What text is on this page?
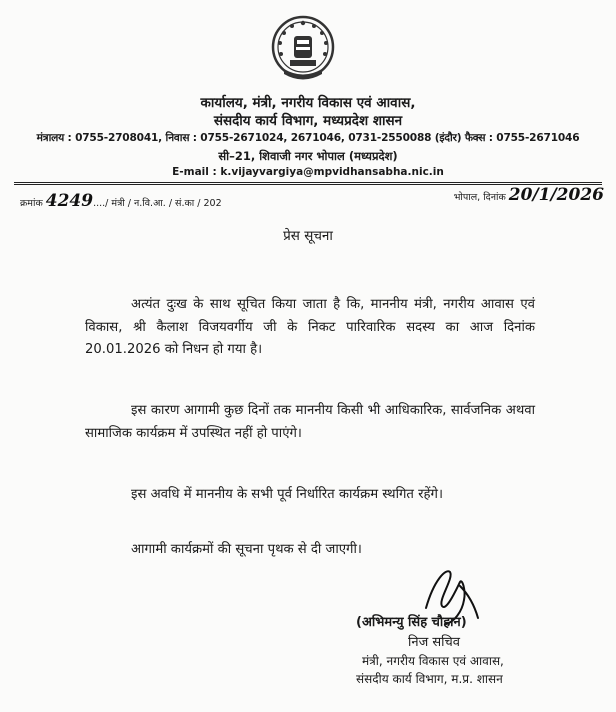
कार्यालय, मंत्री, नगरीय विकास एवं आवास,
संसदीय कार्य विभाग, मध्यप्रदेश शासन
मंत्रालय : 0755-2708041, निवास : 0755-2671024, 2671046, 0731-2550088 (इंदौर) फैक्स : 0755-2671046
सी–21, शिवाजी नगर भोपाल (मध्यप्रदेश)
E-mail : k.vijayvargiya@mpvidhansabha.nic.in
क्रमांक 4249..../ मंत्री / न.वि.आ. / सं.का / 202
भोपाल, दिनांक 20/1/2026
प्रेस सूचना
अत्यंत दुःख के साथ सूचित किया जाता है कि, माननीय मंत्री, नगरीय आवास एवं विकास, श्री कैलाश विजयवर्गीय जी के निकट पारिवारिक सदस्य का आज दिनांक 20.01.2026 को निधन हो गया है।
इस कारण आगामी कुछ दिनों तक माननीय किसी भी आधिकारिक, सार्वजनिक अथवा सामाजिक कार्यक्रम में उपस्थित नहीं हो पाएंगे।
इस अवधि में माननीय के सभी पूर्व निर्धारित कार्यक्रम स्थगित रहेंगे।
आगामी कार्यक्रमों की सूचना पृथक से दी जाएगी।
(अभिमन्यु सिंह चौहान)
निज सचिव
मंत्री, नगरीय विकास एवं आवास,
संसदीय कार्य विभाग, म.प्र. शासन
